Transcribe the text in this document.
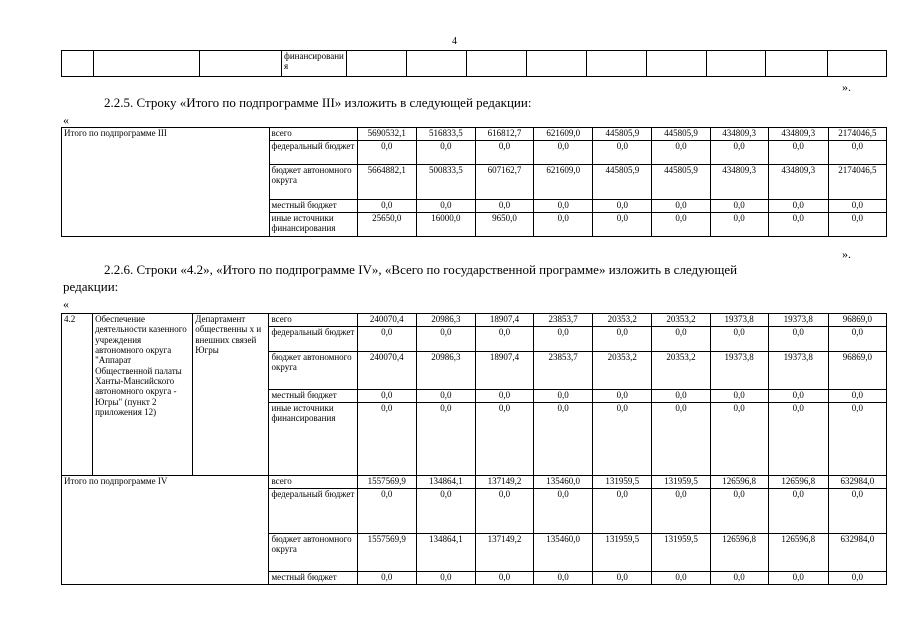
4
			финансировани я									
».
2.2.5. Строку «Итого по подпрограмме III» изложить в следующей редакции:
«
Итого по подпрограмме III	всего	5690532,1	516833,5	616812,7	621609,0	445805,9	445805,9	434809,3	434809,3	2174046,5
	федеральный бюджет	0,0	0,0	0,0	0,0	0,0	0,0	0,0	0,0	0,0
	бюджет автономного округа	5664882,1	500833,5	607162,7	621609,0	445805,9	445805,9	434809,3	434809,3	2174046,5
	местный бюджет	0,0	0,0	0,0	0,0	0,0	0,0	0,0	0,0	0,0
	иные источники финансирования	25650,0	16000,0	9650,0	0,0	0,0	0,0	0,0	0,0	0,0
».
2.2.6. Строки «4.2», «Итого по подпрограмме IV», «Всего по государственной программе» изложить в следующей
редакции:
«
4.2	Обеспечение деятельности казенного учреждения автономного округа "Аппарат Общественной палаты Ханты-Мансийского автономного округа - Югры" (пункт 2 приложения 12)	Департамент общественны х и внешних связей Югры	всего	240070,4	20986,3	18907,4	23853,7	20353,2	20353,2	19373,8	19373,8	96869,0
			федеральный бюджет	0,0	0,0	0,0	0,0	0,0	0,0	0,0	0,0	0,0
			бюджет автономного округа	240070,4	20986,3	18907,4	23853,7	20353,2	20353,2	19373,8	19373,8	96869,0
			местный бюджет	0,0	0,0	0,0	0,0	0,0	0,0	0,0	0,0	0,0
			иные источники финансирования	0,0	0,0	0,0	0,0	0,0	0,0	0,0	0,0	0,0
Итого по подпрограмме IV			всего	1557569,9	134864,1	137149,2	135460,0	131959,5	131959,5	126596,8	126596,8	632984,0
			федеральный бюджет	0,0	0,0	0,0	0,0	0,0	0,0	0,0	0,0	0,0
			бюджет автономного округа	1557569,9	134864,1	137149,2	135460,0	131959,5	131959,5	126596,8	126596,8	632984,0
			местный бюджет	0,0	0,0	0,0	0,0	0,0	0,0	0,0	0,0	0,0
